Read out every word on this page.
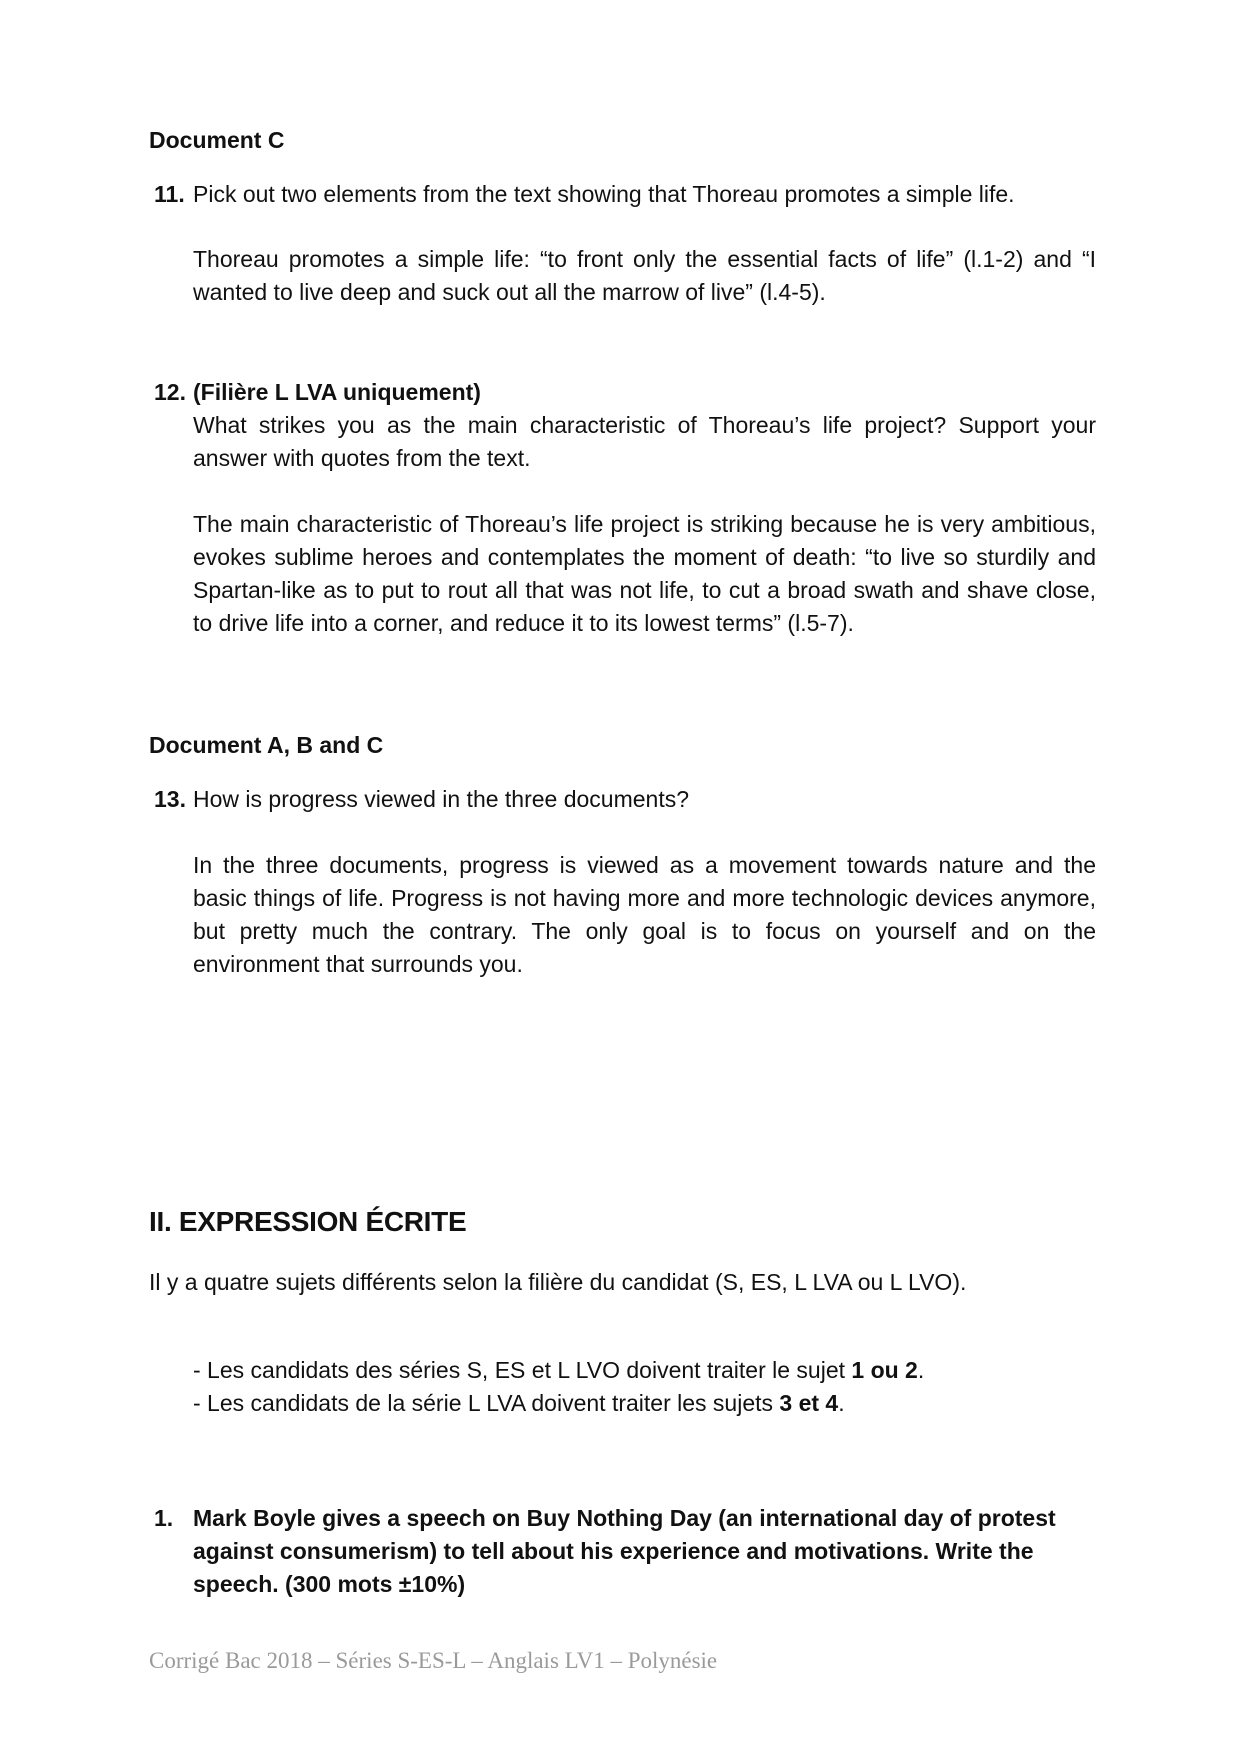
Document C
11. Pick out two elements from the text showing that Thoreau promotes a simple life.
Thoreau promotes a simple life: “to front only the essential facts of life” (l.1-2) and “I wanted to live deep and suck out all the marrow of live” (l.4-5).
12. (Filière L LVA uniquement)
What strikes you as the main characteristic of Thoreau’s life project? Support your answer with quotes from the text.
The main characteristic of Thoreau’s life project is striking because he is very ambitious, evokes sublime heroes and contemplates the moment of death: “to live so sturdily and Spartan-like as to put to rout all that was not life, to cut a broad swath and shave close, to drive life into a corner, and reduce it to its lowest terms” (l.5-7).
Document A, B and C
13. How is progress viewed in the three documents?
In the three documents, progress is viewed as a movement towards nature and the basic things of life. Progress is not having more and more technologic devices anymore, but pretty much the contrary. The only goal is to focus on yourself and on the environment that surrounds you.
II. EXPRESSION ÉCRITE
Il y a quatre sujets différents selon la filière du candidat (S, ES, L LVA ou L LVO).
- Les candidats des séries S, ES et L LVO doivent traiter le sujet 1 ou 2.
- Les candidats de la série L LVA doivent traiter les sujets 3 et 4.
1. Mark Boyle gives a speech on Buy Nothing Day (an international day of protest against consumerism) to tell about his experience and motivations. Write the speech. (300 mots ±10%)
Corrigé Bac 2018 – Séries S-ES-L – Anglais LV1 – Polynésie
